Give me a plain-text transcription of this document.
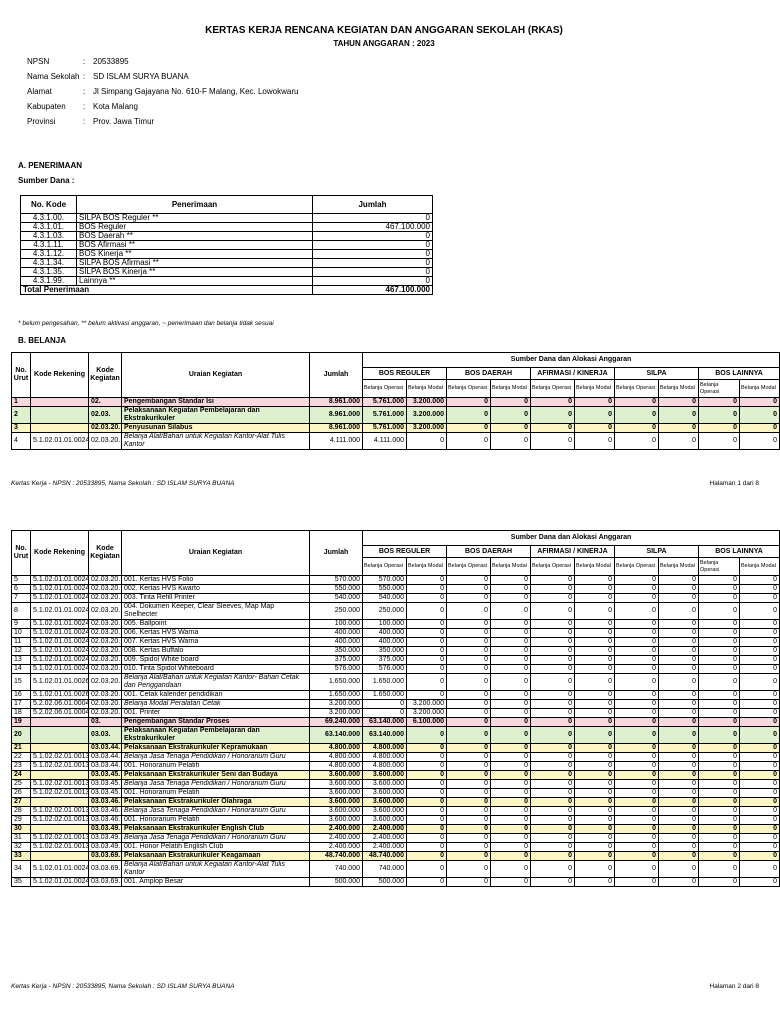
KERTAS KERJA RENCANA KEGIATAN DAN ANGGARAN SEKOLAH (RKAS)
TAHUN ANGGARAN : 2023
NPSN	: 20533895
Nama Sekolah : SD ISLAM SURYA BUANA
Alamat	: Jl Simpang Gajayana No. 610-F Malang, Kec. Lowokwaru
Kabupaten	: Kota Malang
Provinsi	: Prov. Jawa Timur
A. PENERIMAAN
Sumber Dana :
No. Kode	Penerimaan	Jumlah
4.3.1.00.	SILPA BOS Reguler **	0
4.3.1.01.	BOS Reguler	467.100.000
4.3.1.03.	BOS Daerah **	0
4.3.1.11.	BOS Afirmasi **	0
4.3.1.12.	BOS Kinerja **	0
4.3.1.34.	SILPA BOS Afirmasi **	0
4.3.1.35.	SILPA BOS Kinerja **	0
4.3.1.99.	Lainnya **	0
Total Penerimaan		467.100.000
* belum pengesahan, ** belum aktivasi anggaran, ~ penerimaan dan belanja tidak sesuai
B. BELANJA
No. Urut	Kode Rekening	Kode Kegiatan	Uraian Kegiatan	Jumlah	Sumber Dana dan Alokasi Anggaran									
					BOS REGULER		BOS DAERAH		AFIRMASI / KINERJA		SILPA		BOS LAINNYA	
					Belanja Operasi	Belanja Modal	Belanja Operasi	Belanja Modal	Belanja Operasi	Belanja Modal	Belanja Operasi	Belanja Modal	Belanja Operasi	Belanja Modal
1		02.	Pengembangan Standar Isi	8.961.000	5.761.000	3.200.000	0	0	0	0	0	0	0	0
2		02.03.	Pelaksanaan Kegiatan Pembelajaran dan Ekstrakurikuler	8.961.000	5.761.000	3.200.000	0	0	0	0	0	0	0	0
3		02.03.20.	Penyusunan Silabus	8.961.000	5.761.000	3.200.000	0	0	0	0	0	0	0	0
4	5.1.02.01.01.0024	02.03.20.	Belanja Alat/Bahan untuk Kegiatan Kantor-Alat Tulis Kantor	4.111.000	4.111.000	0	0	0	0	0	0	0	0	0
Kertas Kerja - NPSN : 20533895, Nama Sekolah : SD ISLAM SURYA BUANA	Halaman 1 dari 8
No. Urut	Kode Rekening	Kode Kegiatan	Uraian Kegiatan	Jumlah	Sumber Dana dan Alokasi Anggaran									
					BOS REGULER		BOS DAERAH		AFIRMASI / KINERJA		SILPA		BOS LAINNYA	
					Belanja Operasi	Belanja Modal	Belanja Operasi	Belanja Modal	Belanja Operasi	Belanja Modal	Belanja Operasi	Belanja Modal	Belanja Operasi	Belanja Modal
5	5.1.02.01.01.0024	02.03.20.	001. Kertas HVS Folio	570.000	570.000	0	0	0	0	0	0	0	0	0
6	5.1.02.01.01.0024	02.03.20.	002. Kertas HVS Kwarto	550.000	550.000	0	0	0	0	0	0	0	0	0
7	5.1.02.01.01.0024	02.03.20.	003. Tinta Refill Printer	540.000	540.000	0	0	0	0	0	0	0	0	0
8	5.1.02.01.01.0024	02.03.20.	004. Dokumen Keeper, Clear Sleeves, Map Map Snelhecter	250.000	250.000	0	0	0	0	0	0	0	0	0
9	5.1.02.01.01.0024	02.03.20.	005. Ballpoint	100.000	100.000	0	0	0	0	0	0	0	0	0
10	5.1.02.01.01.0024	02.03.20.	006. Kertas HVS Warna	400.000	400.000	0	0	0	0	0	0	0	0	0
11	5.1.02.01.01.0024	02.03.20.	007. Kertas HVS Warna	400.000	400.000	0	0	0	0	0	0	0	0	0
12	5.1.02.01.01.0024	02.03.20.	008. Kertas Buffalo	350.000	350.000	0	0	0	0	0	0	0	0	0
13	5.1.02.01.01.0024	02.03.20.	009. Spidol White board	375.000	375.000	0	0	0	0	0	0	0	0	0
14	5.1.02.01.01.0024	02.03.20.	010. Tinta Spidol Whiteboard	576.000	576.000	0	0	0	0	0	0	0	0	0
15	5.1.02.01.01.0026	02.03.20.	Belanja Alat/Bahan untuk Kegiatan Kantor- Bahan Cetak dan Penggandaan	1.650.000	1.650.000	0	0	0	0	0	0	0	0	0
16	5.1.02.01.01.0026	02.03.20.	001. Cetak kalender pendidikan	1.650.000	1.650.000	0	0	0	0	0	0	0	0	0
17	5.2.02.06.01.0004	02.03.20.	Belanja Modal Peralatan Cetak	3.200.000	0	3.200.000	0	0	0	0	0	0	0	0
18	5.2.02.06.01.0004	02.03.20.	001. Printer	3.200.000	0	3.200.000	0	0	0	0	0	0	0	0
19		03.	Pengembangan Standar Proses	69.240.000	63.140.000	6.100.000	0	0	0	0	0	0	0	0
20		03.03.	Pelaksanaan Kegiatan Pembelajaran dan Ekstrakurikuler	63.140.000	63.140.000	0	0	0	0	0	0	0	0	0
21		03.03.44.	Pelaksanaan Ekstrakurikuler Kepramukaan	4.800.000	4.800.000	0	0	0	0	0	0	0	0	0
22	5.1.02.02.01.0013	03.03.44.	Belanja Jasa Tenaga Pendidikan / Honorarium Guru	4.800.000	4.800.000	0	0	0	0	0	0	0	0	0
23	5.1.02.02.01.0013	03.03.44.	001. Honorarium Pelatih	4.800.000	4.800.000	0	0	0	0	0	0	0	0	0
24		03.03.45.	Pelaksanaan Ekstrakurikuler Seni dan Budaya	3.600.000	3.600.000	0	0	0	0	0	0	0	0	0
25	5.1.02.02.01.0013	03.03.45.	Belanja Jasa Tenaga Pendidikan / Honorarium Guru	3.600.000	3.600.000	0	0	0	0	0	0	0	0	0
26	5.1.02.02.01.0013	03.03.45.	001. Honorarium Pelatih	3.600.000	3.600.000	0	0	0	0	0	0	0	0	0
27		03.03.46.	Pelaksanaan Ekstrakurikuler Olahraga	3.600.000	3.600.000	0	0	0	0	0	0	0	0	0
28	5.1.02.02.01.0013	03.03.46.	Belanja Jasa Tenaga Pendidikan / Honorarium Guru	3.600.000	3.600.000	0	0	0	0	0	0	0	0	0
29	5.1.02.02.01.0013	03.03.46.	001. Honorarium Pelatih	3.600.000	3.600.000	0	0	0	0	0	0	0	0	0
30		03.03.49.	Pelaksanaan Ekstrakurikuler English Club	2.400.000	2.400.000	0	0	0	0	0	0	0	0	0
31	5.1.02.02.01.0013	03.03.49.	Belanja Jasa Tenaga Pendidikan / Honorarium Guru	2.400.000	2.400.000	0	0	0	0	0	0	0	0	0
32	5.1.02.02.01.0013	03.03.49.	001. Honor Pelatih English Club	2.400.000	2.400.000	0	0	0	0	0	0	0	0	0
33		03.03.69.	Pelaksanaan Ekstrakurikuler Keagamaan	48.740.000	48.740.000	0	0	0	0	0	0	0	0	0
34	5.1.02.01.01.0024	03.03.69.	Belanja Alat/Bahan untuk Kegiatan Kantor-Alat Tulis Kantor	740.000	740.000	0	0	0	0	0	0	0	0	0
35	5.1.02.01.01.0024	03.03.69.	001. Amplop Besar	500.000	500.000	0	0	0	0	0	0	0	0	0
Kertas Kerja - NPSN : 20533895, Nama Sekolah : SD ISLAM SURYA BUANA	Halaman 2 dari 8
